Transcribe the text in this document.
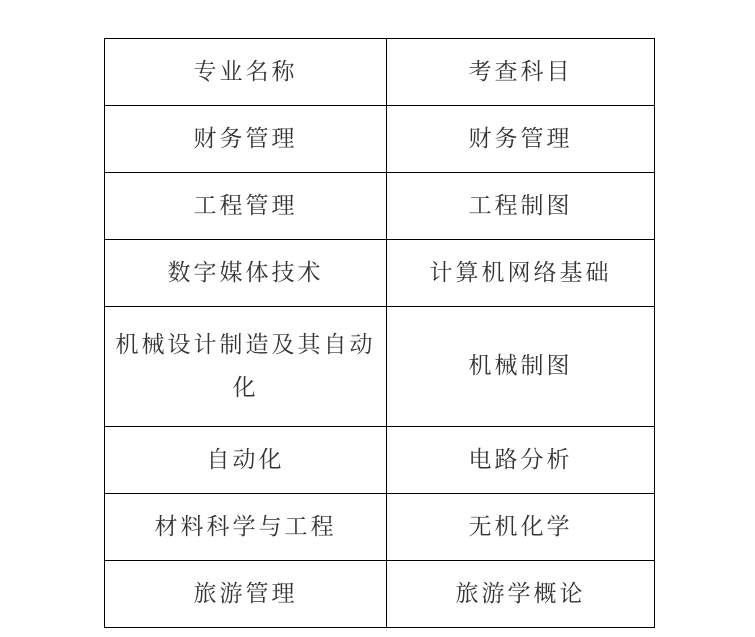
专业名称	考查科目
财务管理	财务管理
工程管理	工程制图
数字媒体技术	计算机网络基础
机械设计制造及其自动化	机械制图
自动化	电路分析
材料科学与工程	无机化学
旅游管理	旅游学概论
